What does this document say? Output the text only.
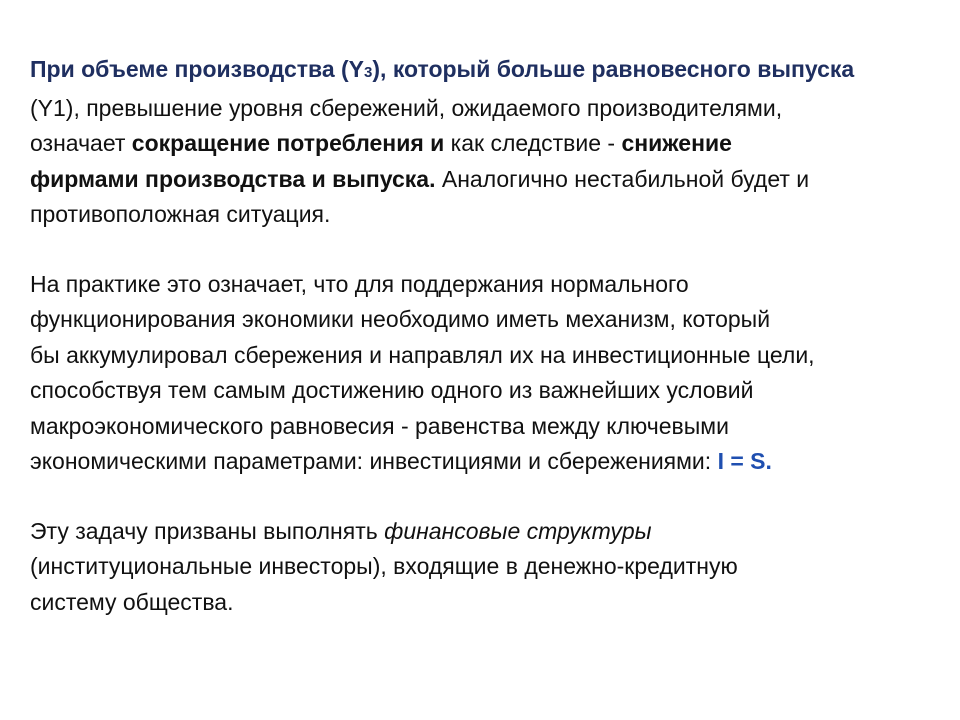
При объеме производства (Y3), который больше равновесного выпуска
(Y1), превышение уровня сбережений, ожидаемого производителями,
означает сокращение потребления и как следствие - снижение
фирмами производства и выпуска. Аналогично нестабильной будет и
противоположная ситуация.

На практике это означает, что для поддержания нормального
функционирования экономики необходимо иметь механизм, который
бы аккумулировал сбережения и направлял их на инвестиционные цели,
способствуя тем самым достижению одного из важнейших условий
макроэкономического равновесия - равенства между ключевыми
экономическими параметрами: инвестициями и сбережениями: I = S.

Эту задачу призваны выполнять финансовые структуры
(институциональные инвесторы), входящие в денежно-кредитную
систему общества.
